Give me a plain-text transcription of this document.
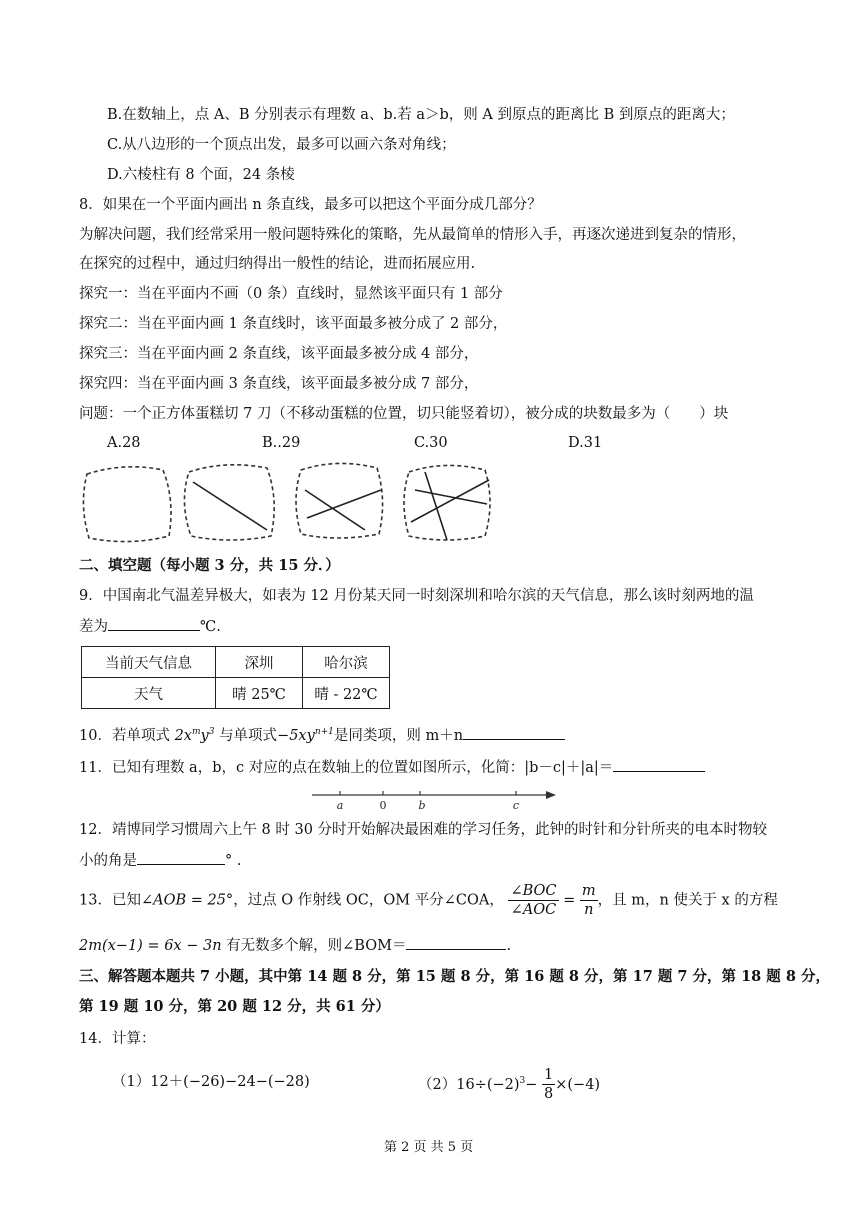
B.在数轴上，点 A、B 分别表示有理数 a、b.若 a＞b，则 A 到原点的距离比 B 到原点的距离大；
C.从八边形的一个顶点出发，最多可以画六条对角线；
D.六棱柱有 8 个面，24 条棱
8．如果在一个平面内画出 n 条直线，最多可以把这个平面分成几部分？
为解决问题，我们经常采用一般问题特殊化的策略，先从最简单的情形入手，再逐次递进到复杂的情形，
在探究的过程中，通过归纳得出一般性的结论，进而拓展应用.
探究一：当在平面内不画（0 条）直线时，显然该平面只有 1 部分
探究二：当在平面内画 1 条直线时，该平面最多被分成了 2 部分，
探究三：当在平面内画 2 条直线，该平面最多被分成 4 部分，
探究四：当在平面内画 3 条直线，该平面最多被分成 7 部分，
问题：一个正方体蛋糕切 7 刀（不移动蛋糕的位置，切只能竖着切），被分成的块数最多为（　　）块
A.28	B..29	C.30	D.31
二、填空题（每小题 3 分，共 15 分．）
9．中国南北气温差异极大，如表为 12 月份某天同一时刻深圳和哈尔滨的天气信息，那么该时刻两地的温
差为	℃.
当前天气信息	深圳	哈尔滨
天气	晴 25℃	晴 - 22℃
10．若单项式 $2x^my^3$ 与单项式$-5xy^{n+1}$是同类项，则 m＋n
11．已知有理数 a，b，c 对应的点在数轴上的位置如图所示，化简：|b－c|＋|a|＝
a	0	b	c
12．靖博同学习惯周六上午 8 时 30 分时开始解决最困难的学习任务，此钟的时针和分针所夹的电本时物较
小的角是	° .
13．已知∠AOB = 25°，过点 O 作射线 OC，OM 平分∠COA， $\frac{\text{∠BOC}}{\text{∠AOC}} = \frac{m}{n}$ ，且 m，n 使关于 x 的方程
2m(x−1) = 6x − 3n 有无数多个解，则∠BOM＝	.
三、解答题本题共 7 小题，其中第 14 题 8 分，第 15 题 8 分，第 16 题 8 分，第 17 题 7 分，第 18 题 8 分，
第 19 题 10 分，第 20 题 12 分，共 61 分）
14．计算：
（1）12＋(−26)−24−(−28)	$(2)16\div(-2)^3- \frac{1}{8} \times(-4)$
第 2 页 共 5 页
